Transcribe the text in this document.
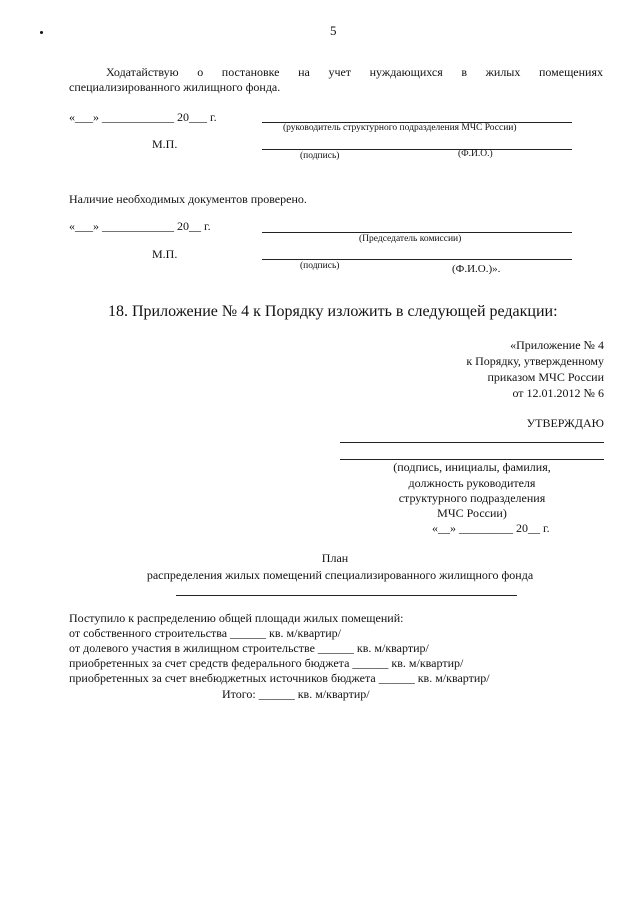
5
Ходатайствую о постановке на учет нуждающихся в жилых помещениях
специализированного жилищного фонда.
«___» ____________ 20___ г.
(руководитель структурного подразделения МЧС России)
М.П.
(подпись)	(Ф.И.О.)
Наличие необходимых документов проверено.
«___» ____________ 20__ г.
(Председатель комиссии)
М.П.
(подпись)	(Ф.И.О.)».
18. Приложение № 4 к Порядку изложить в следующей редакции:
«Приложение № 4
к Порядку, утвержденному
приказом МЧС России
от 12.01.2012 № 6
УТВЕРЖДАЮ
(подпись, инициалы, фамилия,
должность руководителя
структурного подразделения
МЧС России)
«__» _________ 20__ г.
План
распределения жилых помещений специализированного жилищного фонда
Поступило к распределению общей площади жилых помещений:
от собственного строительства ______ кв. м/квартир/
от долевого участия в жилищном строительстве ______ кв. м/квартир/
приобретенных за счет средств федерального бюджета ______ кв. м/квартир/
приобретенных за счет внебюджетных источников бюджета ______ кв. м/квартир/
Итого: ______ кв. м/квартир/
